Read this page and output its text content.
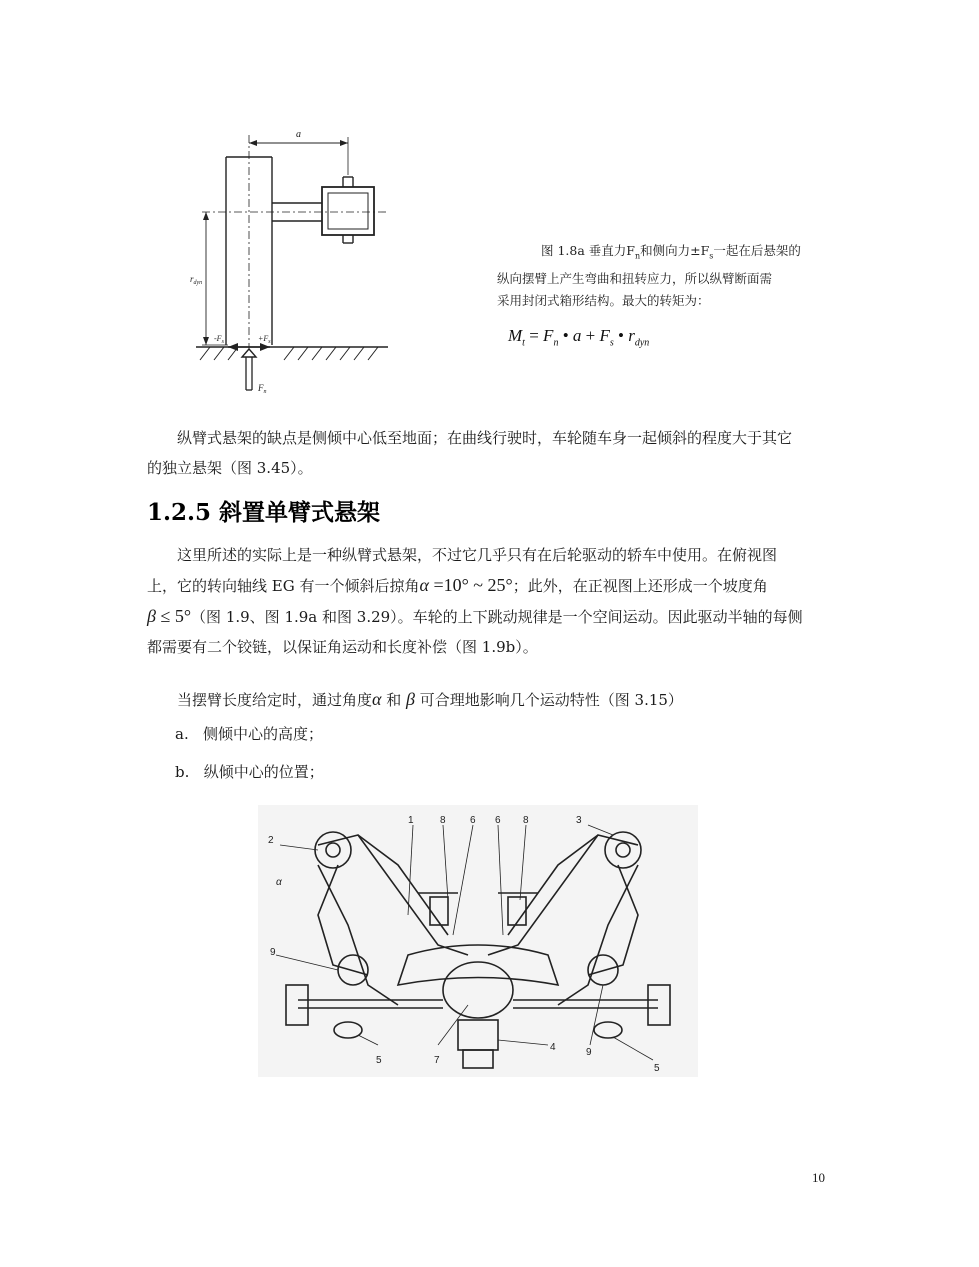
a
$r_{dyn}$
$-F_s$	$+F_s$
$F_n$
图 1.8a 垂直力$F_n$和侧向力$\pm F_s$一起在后悬架的
纵向摆臂上产生弯曲和扭转应力，所以纵臂断面需
采用封闭式箱形结构。最大的转矩为：
$M_t = F_n$ • $a + F_s$ • $r_{dyn}$
纵臂式悬架的缺点是侧倾中心低至地面；在曲线行驶时，车轮随车身一起倾斜的程度大于其它
的独立悬架（图 3.45）。
1.2.5 斜置单臂式悬架
这里所述的实际上是一种纵臂式悬架，不过它几乎只有在后轮驱动的轿车中使用。在俯视图
上，它的转向轴线 EG 有一个倾斜后掠角α =10° ~ 25°；此外，在正视图上还形成一个坡度角
β ≤ 5°（图 1.9、图 1.9a 和图 3.29）。车轮的上下跳动规律是一个空间运动。因此驱动半轴的每侧
都需要有二个铰链，以保证角运动和长度补偿（图 1.9b）。
当摆臂长度给定时，通过角度α 和 β 可合理地影响几个运动特性（图 3.15）
a. 侧倾中心的高度；
b. 纵倾中心的位置；
2
1	8 6 6 8	3
α
9
5	7
4	9
5
10
